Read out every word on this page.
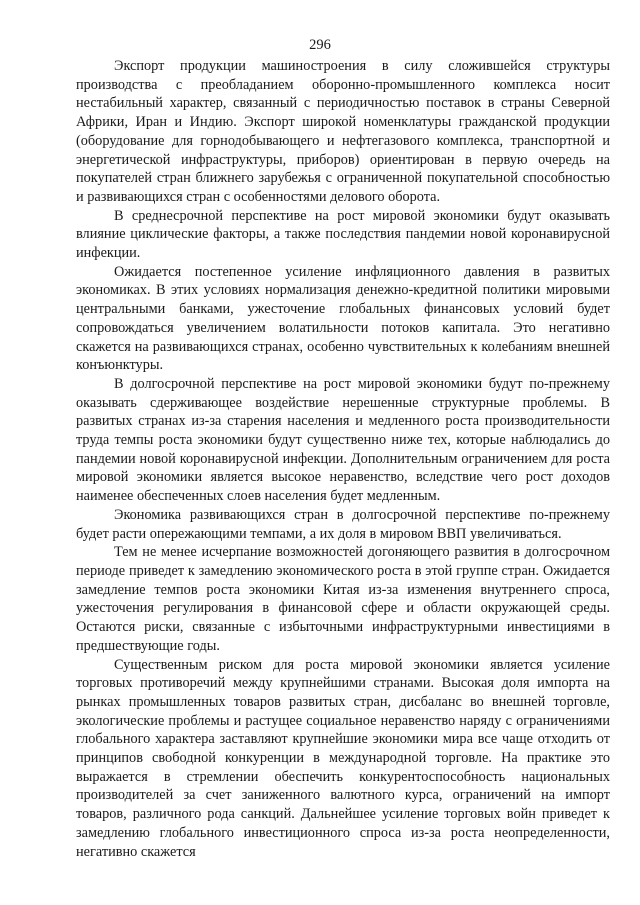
296

Экспорт продукции машиностроения в силу сложившейся структуры производства с преобладанием оборонно-промышленного комплекса носит нестабильный характер, связанный с периодичностью поставок в страны Северной Африки, Иран и Индию. Экспорт широкой номенклатуры гражданской продукции (оборудование для горнодобывающего и нефтегазового комплекса, транспортной и энергетической инфраструктуры, приборов) ориентирован в первую очередь на покупателей стран ближнего зарубежья с ограниченной покупательной способностью и развивающихся стран с особенностями делового оборота.

В среднесрочной перспективе на рост мировой экономики будут оказывать влияние циклические факторы, а также последствия пандемии новой коронавирусной инфекции.

Ожидается постепенное усиление инфляционного давления в развитых экономиках. В этих условиях нормализация денежно-кредитной политики мировыми центральными банками, ужесточение глобальных финансовых условий будет сопровождаться увеличением волатильности потоков капитала. Это негативно скажется на развивающихся странах, особенно чувствительных к колебаниям внешней конъюнктуры.

В долгосрочной перспективе на рост мировой экономики будут по-прежнему оказывать сдерживающее воздействие нерешенные структурные проблемы. В развитых странах из-за старения населения и медленного роста производительности труда темпы роста экономики будут существенно ниже тех, которые наблюдались до пандемии новой коронавирусной инфекции. Дополнительным ограничением для роста мировой экономики является высокое неравенство, вследствие чего рост доходов наименее обеспеченных слоев населения будет медленным.

Экономика развивающихся стран в долгосрочной перспективе по-прежнему будет расти опережающими темпами, а их доля в мировом ВВП увеличиваться.

Тем не менее исчерпание возможностей догоняющего развития в долгосрочном периоде приведет к замедлению экономического роста в этой группе стран. Ожидается замедление темпов роста экономики Китая из-за изменения внутреннего спроса, ужесточения регулирования в финансовой сфере и области окружающей среды. Остаются риски, связанные с избыточными инфраструктурными инвестициями в предшествующие годы.

Существенным риском для роста мировой экономики является усиление торговых противоречий между крупнейшими странами. Высокая доля импорта на рынках промышленных товаров развитых стран, дисбаланс во внешней торговле, экологические проблемы и растущее социальное неравенство наряду с ограничениями глобального характера заставляют крупнейшие экономики мира все чаще отходить от принципов свободной конкуренции в международной торговле. На практике это выражается в стремлении обеспечить конкурентоспособность национальных производителей за счет заниженного валютного курса, ограничений на импорт товаров, различного рода санкций. Дальнейшее усиление торговых войн приведет к замедлению глобального инвестиционного спроса из-за роста неопределенности, негативно скажется
